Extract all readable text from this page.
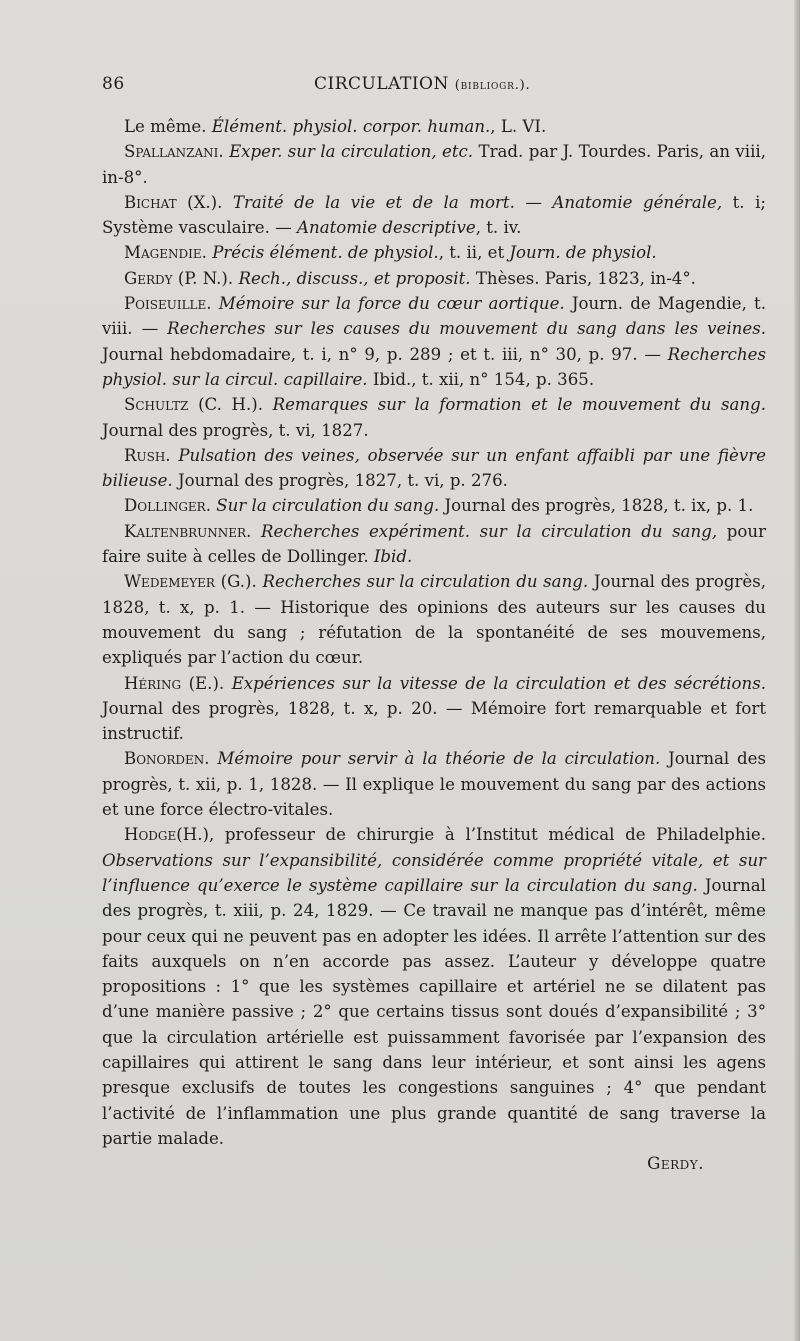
86	CIRCULATION (bibliogr.).

Le même. Élément. physiol. corpor. human., L. VI.

Spallanzani. Exper. sur la circulation, etc. Trad. par J. Tourdes. Paris, an viii, in-8°.

Bichat (X.). Traité de la vie et de la mort. — Anatomie générale, t. i; Système vasculaire. — Anatomie descriptive, t. iv.

Magendie. Précis élément. de physiol., t. ii, et Journ. de physiol.

Gerdy (P. N.). Rech., discuss., et proposit. Thèses. Paris, 1823, in-4°.

Poiseuille. Mémoire sur la force du cœur aortique. Journ. de Magendie, t. viii. — Recherches sur les causes du mouvement du sang dans les veines. Journal hebdomadaire, t. i, n° 9, p. 289 ; et t. iii, n° 30, p. 97. — Recherches physiol. sur la circul. capillaire. Ibid., t. xii, n° 154, p. 365.

Schultz (C. H.). Remarques sur la formation et le mouvement du sang. Journal des progrès, t. vi, 1827.

Rush. Pulsation des veines, observée sur un enfant affaibli par une fièvre bilieuse. Journal des progrès, 1827, t. vi, p. 276.

Dollinger. Sur la circulation du sang. Journal des progrès, 1828, t. ix, p. 1.

Kaltenbrunner. Recherches expériment. sur la circulation du sang, pour faire suite à celles de Dollinger. Ibid.

Wedemeyer (G.). Recherches sur la circulation du sang. Journal des progrès, 1828, t. x, p. 1. — Historique des opinions des auteurs sur les causes du mouvement du sang ; réfutation de la spontanéité de ses mouvemens, expliqués par l’action du cœur.

Héring (E.). Expériences sur la vitesse de la circulation et des sécrétions. Journal des progrès, 1828, t. x, p. 20. — Mémoire fort remarquable et fort instructif.

Bonorden. Mémoire pour servir à la théorie de la circulation. Journal des progrès, t. xii, p. 1, 1828. — Il explique le mouvement du sang par des actions et une force électro-vitales.

Hodge(H.), professeur de chirurgie à l’Institut médical de Philadelphie. Observations sur l’expansibilité, considérée comme propriété vitale, et sur l’influence qu’exerce le système capillaire sur la circulation du sang. Journal des progrès, t. xiii, p. 24, 1829. — Ce travail ne manque pas d’intérêt, même pour ceux qui ne peuvent pas en adopter les idées. Il arrête l’attention sur des faits auxquels on n’en accorde pas assez. L’auteur y développe quatre propositions : 1° que les systèmes capillaire et artériel ne se dilatent pas d’une manière passive ; 2° que certains tissus sont doués d’expansibilité ; 3° que la circulation artérielle est puissamment favorisée par l’expansion des capillaires qui attirent le sang dans leur intérieur, et sont ainsi les agens presque exclusifs de toutes les congestions sanguines ; 4° que pendant l’activité de l’inflammation une plus grande quantité de sang traverse la partie malade.

Gerdy.
